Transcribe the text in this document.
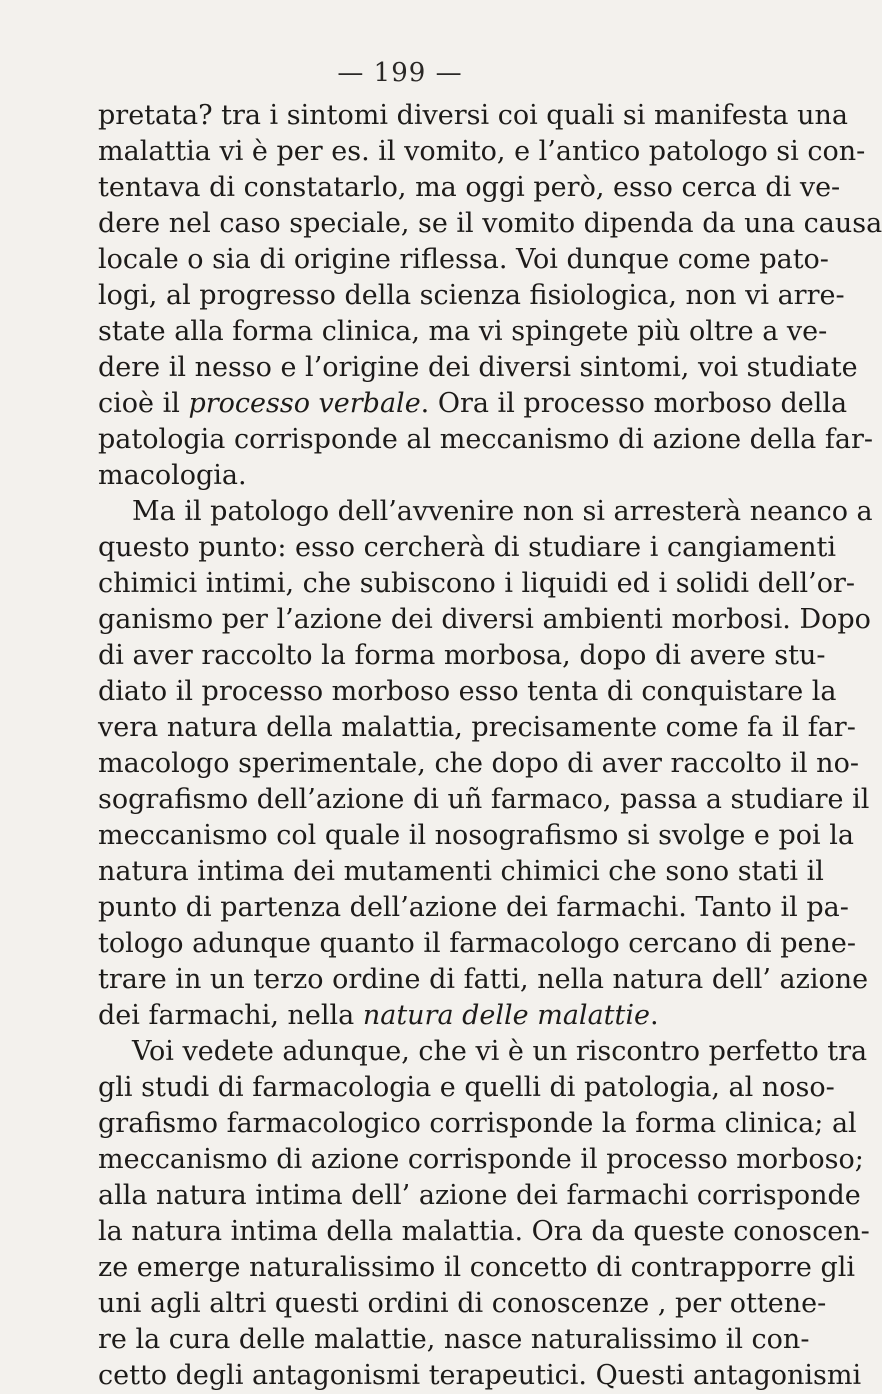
— 199 —
pretata? tra i sintomi diversi coi quali si manifesta una
malattia vi è per es. il vomito, e l’antico patologo si con-
tentava di constatarlo, ma oggi però, esso cerca di ve-
dere nel caso speciale, se il vomito dipenda da una causa
locale o sia di origine riflessa. Voi dunque come pato-
logi, al progresso della scienza fisiologica, non vi arre-
state alla forma clinica, ma vi spingete più oltre a ve-
dere il nesso e l’origine dei diversi sintomi, voi studiate
cioè il processo verbale. Ora il processo morboso della
patologia corrisponde al meccanismo di azione della far-
macologia.
Ma il patologo dell’avvenire non si arresterà neanco a
questo punto: esso cercherà di studiare i cangiamenti
chimici intimi, che subiscono i liquidi ed i solidi dell’or-
ganismo per l’azione dei diversi ambienti morbosi. Dopo
di aver raccolto la forma morbosa, dopo di avere stu-
diato il processo morboso esso tenta di conquistare la
vera natura della malattia, precisamente come fa il far-
macologo sperimentale, che dopo di aver raccolto il no-
sografismo dell’azione di uñ farmaco, passa a studiare il
meccanismo col quale il nosografismo si svolge e poi la
natura intima dei mutamenti chimici che sono stati il
punto di partenza dell’azione dei farmachi. Tanto il pa-
tologo adunque quanto il farmacologo cercano di pene-
trare in un terzo ordine di fatti, nella natura dell’ azione
dei farmachi, nella natura delle malattie.
Voi vedete adunque, che vi è un riscontro perfetto tra
gli studi di farmacologia e quelli di patologia, al noso-
grafismo farmacologico corrisponde la forma clinica; al
meccanismo di azione corrisponde il processo morboso;
alla natura intima dell’ azione dei farmachi corrisponde
la natura intima della malattia. Ora da queste conoscen-
ze emerge naturalissimo il concetto di contrapporre gli
uni agli altri questi ordini di conoscenze , per ottene-
re la cura delle malattie, nasce naturalissimo il con-
cetto degli antagonismi terapeutici. Questi antagonismi
